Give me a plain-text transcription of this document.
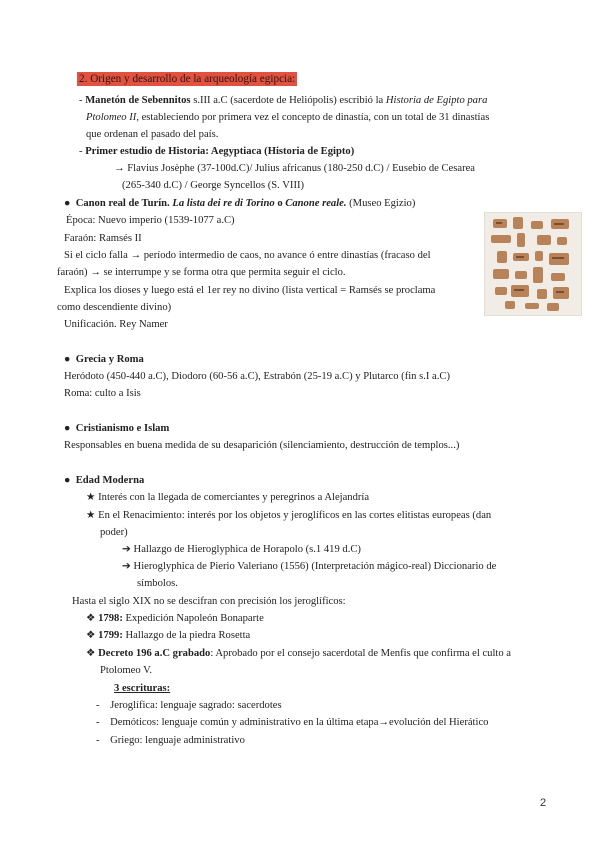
2. Origen y desarrollo de la arqueología egipcia:
- Manetón de Sebennitos s.III a.C (sacerdote de Heliópolis) escribió la Historia de Egipto para
Ptolomeo II, estableciendo por primera vez el concepto de dinastía, con un total de 31 dinastías
que ordenan el pasado del país.
- Primer estudio de Historia: Aegyptiaca (Historia de Egipto)
→ Flavius Josèphe (37-100d.C)/ Julius africanus (180-250 d.C) / Eusebio de Cesarea
(265-340 d.C) / George Syncellos (S. VIII)
● Canon real de Turín. La lista dei re di Torino o Canone reale. (Museo Egizio)
Época: Nuevo imperio (1539-1077 a.C)
Faraón: Ramsés II
Si el ciclo falla → período intermedio de caos, no avance ó entre dinastías (fracaso del
faraón) → se interrumpe y se forma otra que permita seguir el ciclo.
Explica los dioses y luego está el 1er rey no divino (lista vertical = Ramsés se proclama
como descendiente divino)
Unificación. Rey Namer
● Grecia y Roma
Heródoto (450-440 a.C), Diodoro (60-56 a.C), Estrabón (25-19 a.C) y Plutarco (fin s.I a.C)
Roma: culto a Isis
● Cristianismo e Islam
Responsables en buena medida de su desaparición (silenciamiento, destrucción de templos...)
● Edad Moderna
★ Interés con la llegada de comerciantes y peregrinos a Alejandría
★ En el Renacimiento: interés por los objetos y jeroglíficos en las cortes elitistas europeas (dan
poder)
➔ Hallazgo de Hieroglyphica de Horapolo (s.1 419 d.C)
➔ Hieroglyphica de Pierio Valeriano (1556) (Interpretación mágico-real) Diccionario de
símbolos.
Hasta el siglo XIX no se descifran con precisión los jeroglíficos:
❖ 1798: Expedición Napoleón Bonaparte
❖ 1799: Hallazgo de la piedra Rosetta
❖ Decreto 196 a.C grabado: Aprobado por el consejo sacerdotal de Menfis que confirma el culto a
Ptolomeo V.
3 escrituras:
- Jeroglífica: lenguaje sagrado: sacerdotes
- Demóticos: lenguaje común y administrativo en la última etapa→evolución del Hierático
- Griego: lenguaje administrativo
2
